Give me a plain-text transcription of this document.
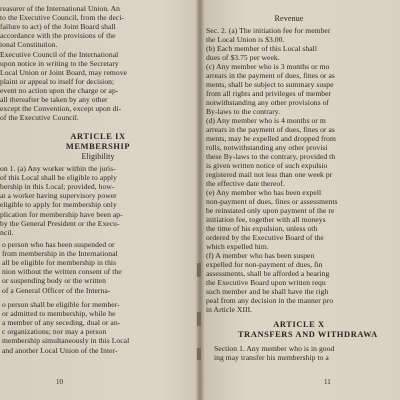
reasurer of the International Union. An
to the Executive Council, from the deci-
failure to act) of the Joint Board shall
accordance with the provisions of the
ional Constitution.
Executive Council of the International
upon notice in writing to the Secretary
Local Union or Joint Board, may remove
plaint or appeal to itself for decision;
event no action upon the charge or ap-
all thereafter be taken by any other
except the Convention, except upon di-
of the Executive Council.
ARTICLE IX
MEMBERSHIP
Eligibility
on 1. (a) Any worker within the juris-
of this Local shall be eligible to apply
bership in this Local; provided, how-
at a worker having supervisory power
eligible to apply for membership only
plication for membership have been ap-
by the General President or the Execu-
ncil.
o person who has been suspended or
from membership in the International
all be eligible for membership in this
nion without the written consent of the
or suspending body or the written
of a General Officer of the Interna-
o person shall be eligible for member-
or admitted to membership, while he
a member of any seceding, dual or an-
c organizations; nor may a person
membership simultaneously in this Local
and another Local Union of the Inter-
10
Revenue
Sec. 2. (a) The initiation fee for member
the Local Union is $3.00.
(b) Each member of this Local shall
dues of $3.75 per week.
(c) Any member who is 3 months or mo
arrears in the payment of dues, fines or as
ments, shall be subject to summary suspe
from all rights and privileges of member
notwithstanding any other provisions of
By-laws to the contrary.
(d) Any member who is 4 months or m
arrears in the payment of dues, fines or as
ments, may be expelled and dropped from
rolls, notwithstanding any other provisi
these By-laws to the contrary, provided th
is given written notice of such expulsio
registered mail not less than one week pr
the effective date thereof.
(e) Any member who has been expell
non-payment of dues, fines or assessments
be reinstated only upon payment of the re
initiation fee, together with all moneys
the time of his expulsion, unless oth
ordered by the Executive Board of the
which expelled him.
(f) A member who has been suspen
expelled for non-payment of dues, fin
assessments, shall be afforded a hearing
the Executive Board upon written requ
such member and he shall have the righ
peal from any decision in the manner pro
in Article XIII.
ARTICLE X
TRANSFERS AND WITHDRAWA
Section 1. Any member who is in good
ing may transfer his membership to a
11
